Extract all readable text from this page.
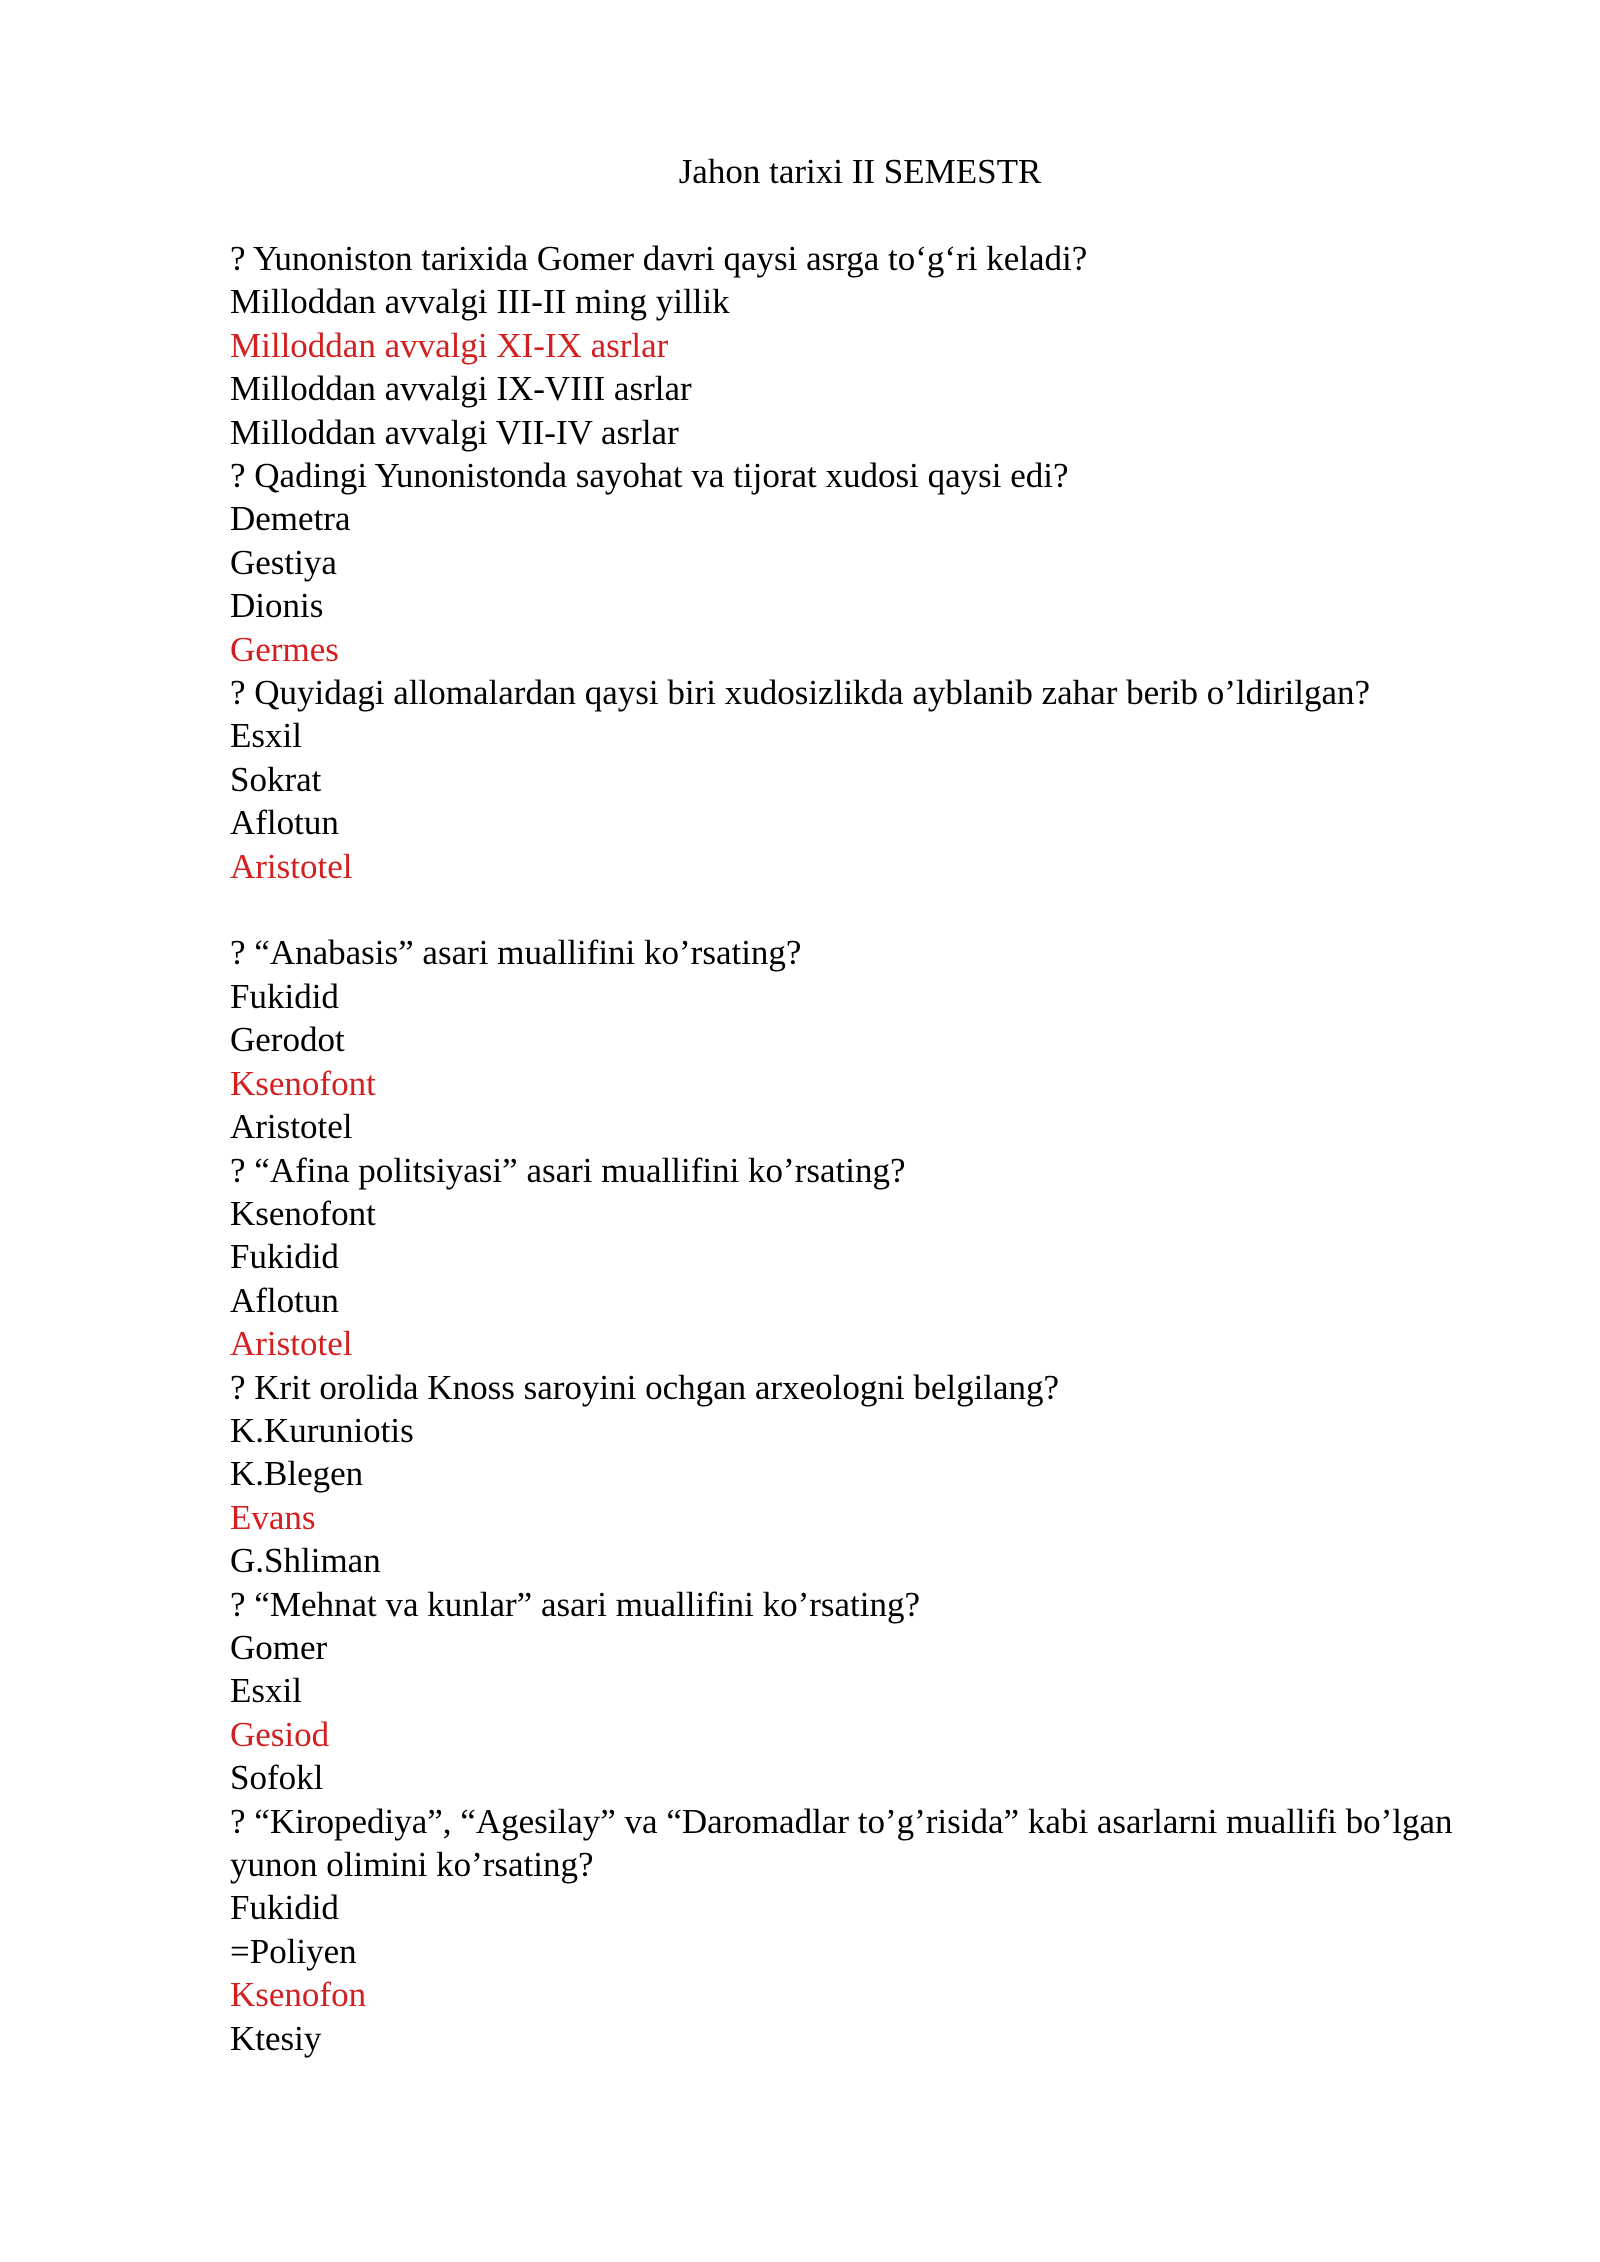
Jahon tarixi II SEMESTR
? Yunoniston tarixida Gomer davri qaysi asrga to‘g‘ri keladi?
Milloddan avvalgi III-II ming yillik
Milloddan avvalgi XI-IX asrlar
Milloddan avvalgi IX-VIII asrlar
Milloddan avvalgi VII-IV asrlar
? Qadingi Yunonistonda sayohat va tijorat xudosi qaysi edi?
Demetra
Gestiya
Dionis
Germes
? Quyidagi allomalardan qaysi biri xudosizlikda ayblanib zahar berib o’ldirilgan?
Esxil
Sokrat
Aflotun
Aristotel
? “Anabasis” asari muallifini ko’rsating?
Fukidid
Gerodot
Ksenofont
Aristotel
? “Afina politsiyasi” asari muallifini ko’rsating?
Ksenofont
Fukidid
Aflotun
Aristotel
? Krit orolida Knoss saroyini ochgan arxeologni belgilang?
K.Kuruniotis
K.Blegen
Evans
G.Shliman
? “Mehnat va kunlar” asari muallifini ko’rsating?
Gomer
Esxil
Gesiod
Sofokl
? “Kiropediya”, “Agesilay” va “Daromadlar to’g’risida” kabi asarlarni muallifi bo’lgan yunon olimini ko’rsating?
Fukidid
=Poliyen
Ksenofon
Ktesiy
